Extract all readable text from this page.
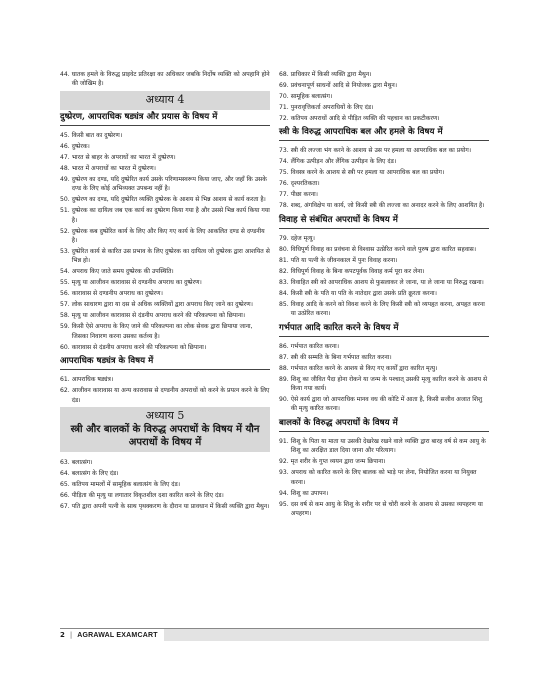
44. घातक हमले के विरुद्ध प्राइवेट प्रतिरक्षा का अधिकार जबकि निर्दोष व्यक्ति को अपहानि होने की जोखिम है।
अध्याय 4
दुष्प्रेरण, आपराधिक षड्यंत्र और प्रयास के विषय में
45. किसी बात का दुष्प्रेरण।
46. दुष्प्रेरक।
47. भारत से बाहर के अपराधों का भारत में दुष्प्रेरण।
48. भारत में अपराधों का भारत में दुष्प्रेरण।
49. दुष्प्रेरण का दण्ड, यदि दुष्प्रेरित कार्य उसके परिणामस्वरूप किया जाए, और जहाँ कि उसके दण्ड के लिए कोई अभिव्यक्त उपबन्ध नहीं है।
50. दुष्प्रेरण का दण्ड, यदि दुष्प्रेरित व्यक्ति दुष्प्रेरक के आशय से भिन्न आशय से कार्य करता है।
51. दुष्प्रेरक का दायित्व जब एक कार्य का दुष्प्रेरण किया गया है और उससे भिन्न कार्य किया गया है।
52. दुष्प्रेरक कब दुष्प्रेरित कार्य के लिए और किए गए कार्य के लिए आकलित दण्ड से दण्डनीय है।
53. दुष्प्रेरित कार्य से कारित उस प्रभाव के लिए दुष्प्रेरक का दायित्व जो दुष्प्रेरक द्वारा आशयित से भिन्न हो।
54. अपराध किए जाते समय दुष्प्रेरक की उपस्थिति।
55. मृत्यु या आजीवन कारावास से दण्डनीय अपराध का दुष्प्रेरण।
56. कारावास से दण्डनीय अपराध का दुष्प्रेरण।
57. लोक साधारण द्वारा या दस से अधिक व्यक्तियों द्वारा अपराध किए जाने का दुष्प्रेरण।
58. मृत्यु या आजीवन कारावास से दंडनीय अपराध करने की परिकल्पना को छिपाना।
59. किसी ऐसे अपराध के किए जाने की परिकल्पना का लोक सेवक द्वारा छिपाया जाना, जिसका निवारण करना उसका कर्तव्य है।
60. कारावास से दंडनीय अपराध करने की परिकल्पना को छिपाना।
आपराधिक षड्यंत्र के विषय में
61. आपराधिक षड्यंत्र।
62. आजीवन कारावास या अन्य कारावास से दण्डनीय अपराधों को करने के प्रयत्न करने के लिए दंड।
अध्याय 5
स्त्री और बालकों के विरुद्ध अपराधों के विषय में यौन अपराधों के विषय में
63. बलात्संग।
64. बलात्संग के लिए दंड।
65. कतिपय मामलों में सामूहिक बलात्संग के लिए दंड।
66. पीड़िता की मृत्यु या लगातार विकृतशील दशा कारित करने के लिए दंड।
67. पति द्वारा अपनी पत्नी के साथ पृथक्करण के दौरान या प्रावधान में किसी व्यक्ति द्वारा मैथुन।
68. प्राधिकार में किसी व्यक्ति द्वारा मैथुन।
69. प्रवंचनापूर्ण साधनों आदि से नियोजक द्वारा मैथुन।
70. सामूहिक बलात्संग।
71. पुनरावृत्तिकर्ता अपराधियों के लिए दंड।
72. कतिपय अपराधों आदि से पीड़ित व्यक्ति की पहचान का प्रकटीकरण।
स्त्री के विरुद्ध आपराधिक बल और हमले के विषय में
73. स्त्री की लज्जा भंग करने के आशय से उस पर हमला या आपराधिक बल का प्रयोग।
74. लैंगिक उत्पीड़न और लैंगिक उत्पीड़न के लिए दंड।
75. विवस्त्र करने के आशय से स्त्री पर हमला या आपराधिक बल का प्रयोग।
76. दृश्यरतिकता।
77. पीछा करना।
78. शब्द, अंगविक्षेप या कार्य, जो किसी स्त्री की लज्जा का अनादर करने के लिए आशयित है।
विवाह से संबंधित अपराधों के विषय में
79. दहेज मृत्यु।
80. विधिपूर्ण विवाह का प्रवंचना से विश्वास उत्प्रेरित करने वाले पुरुष द्वारा कारित सहवास।
81. पति या पत्नी के जीवनकाल में पुनः विवाह करना।
82. विधिपूर्ण विवाह के बिना कपटपूर्वक विवाह कर्म पूरा कर लेना।
83. विवाहित स्त्री को आपराधिक आशय से फुसलाकर ले जाना, या ले जाना या निरुद्ध रखना।
84. किसी स्त्री के पति या पति के नातेदार द्वारा उसके प्रति क्रूरता करना।
85. विवाह आदि के करने को विवश करने के लिए किसी स्त्री को व्यपहृत करना, अपहृत करना या उत्प्रेरित करना।
गर्भपात आदि कारित करने के विषय में
86. गर्भपात कारित करना।
87. स्त्री की सम्मति के बिना गर्भपात कारित करना।
88. गर्भपात कारित करने के आशय से किए गए कार्यों द्वारा कारित मृत्यु।
89. शिशु का जीवित पैदा होना रोकने या जन्म के पश्चात् उसकी मृत्यु कारित करने के आशय से किया गया कार्य।
90. ऐसे कार्य द्वारा जो आपराधिक मानव वध की कोटि में आता है, किसी सजीव अजात शिशु की मृत्यु कारित करना।
बालकों के विरुद्ध अपराधों के विषय में
91. शिशु के पिता या माता या उसकी देखरेख रखने वाले व्यक्ति द्वारा बारह वर्ष से कम आयु के शिशु का अरक्षित डाल दिया जाना और परित्याग।
92. मृत शरीर के गुप्त व्ययन द्वारा जन्म छिपाना।
93. अपराध को कारित करने के लिए बालक को भाड़े पर लेना, नियोजित करना या नियुक्त करना।
94. शिशु का उपापन।
95. दस वर्ष से कम आयु के शिशु के शरीर पर से चोरी करने के आशय से उसका व्यपहरण या अपहरण।
2 | AGRAWAL EXAMCART
